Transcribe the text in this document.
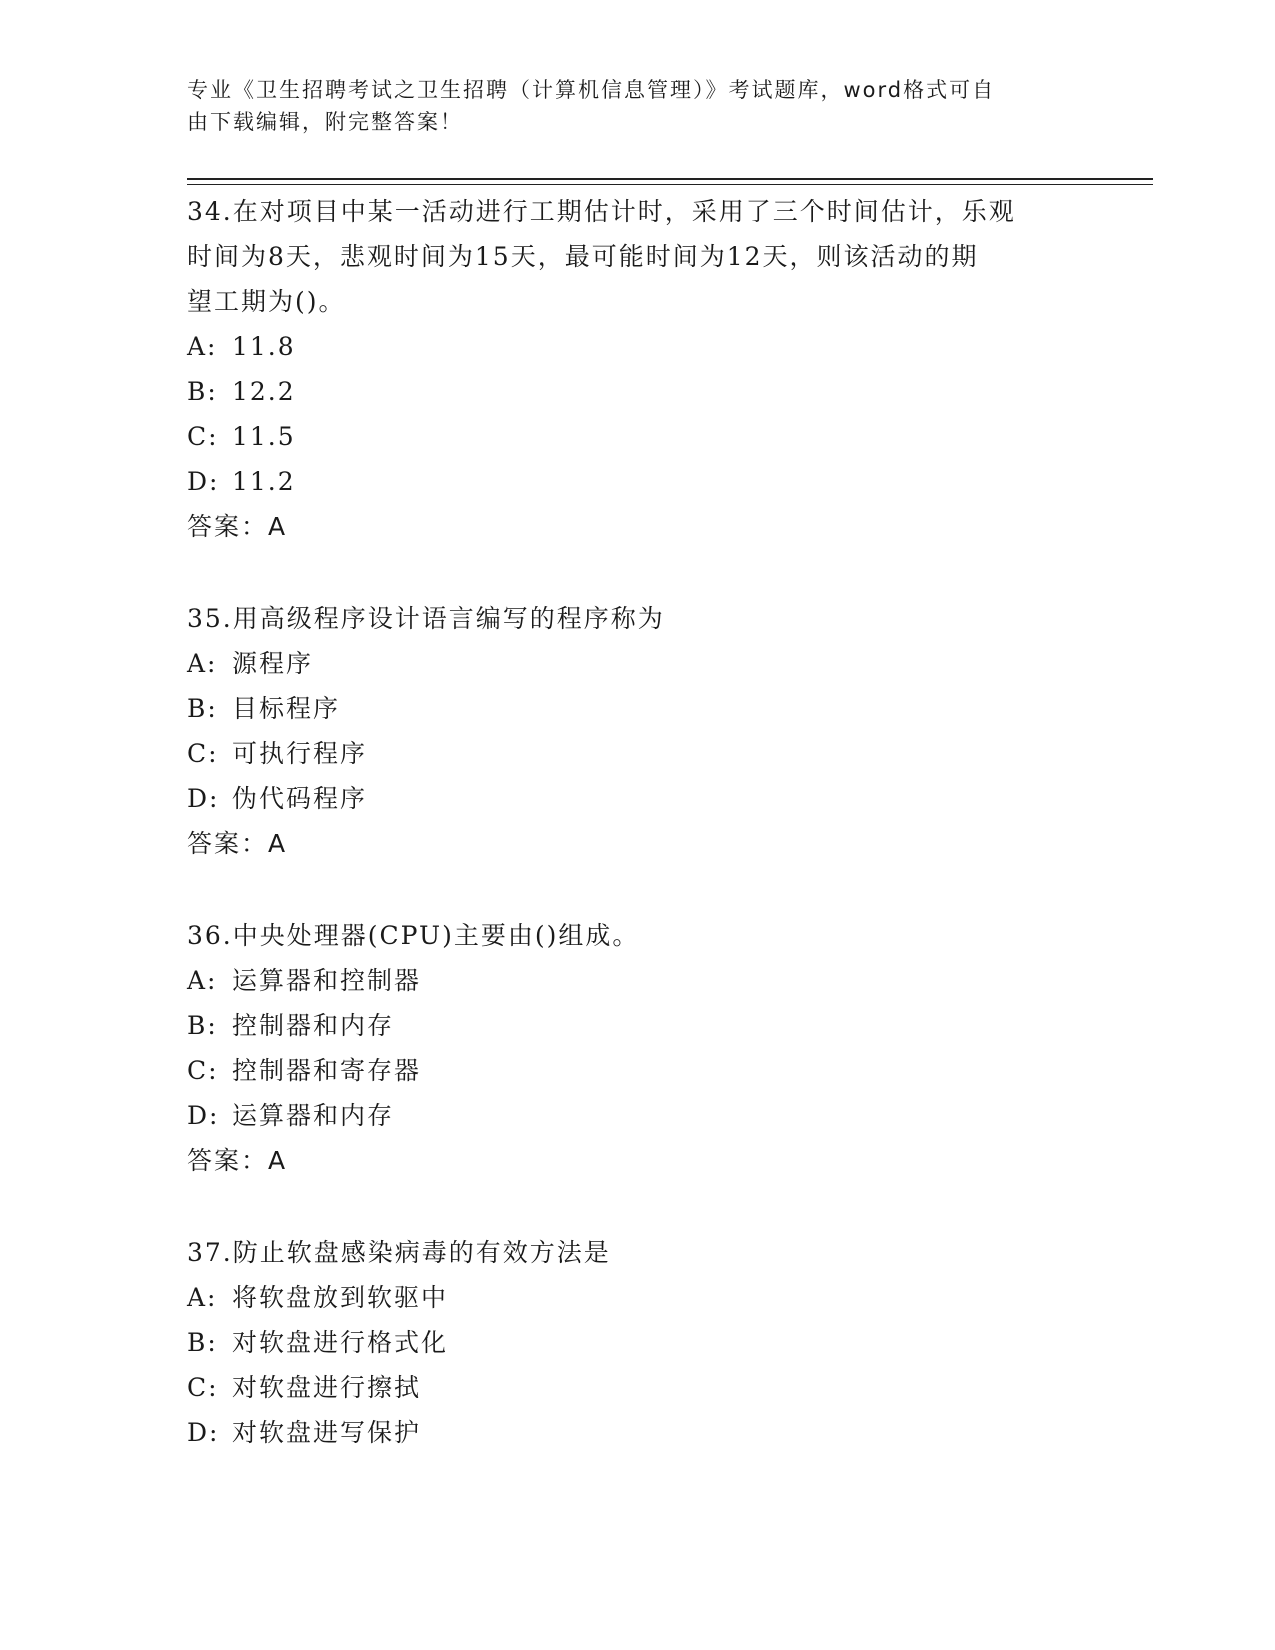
专业《卫生招聘考试之卫生招聘（计算机信息管理）》考试题库，word格式可自
由下载编辑，附完整答案！
34.在对项目中某一活动进行工期估计时，采用了三个时间估计，乐观
时间为8天，悲观时间为15天，最可能时间为12天，则该活动的期
望工期为()。
A: 11.8
B: 12.2
C: 11.5
D: 11.2
答案：A
35.用高级程序设计语言编写的程序称为
A: 源程序
B: 目标程序
C: 可执行程序
D: 伪代码程序
答案：A
36.中央处理器(CPU)主要由()组成。
A: 运算器和控制器
B: 控制器和内存
C: 控制器和寄存器
D: 运算器和内存
答案：A
37.防止软盘感染病毒的有效方法是
A: 将软盘放到软驱中
B: 对软盘进行格式化
C: 对软盘进行擦拭
D: 对软盘进写保护
